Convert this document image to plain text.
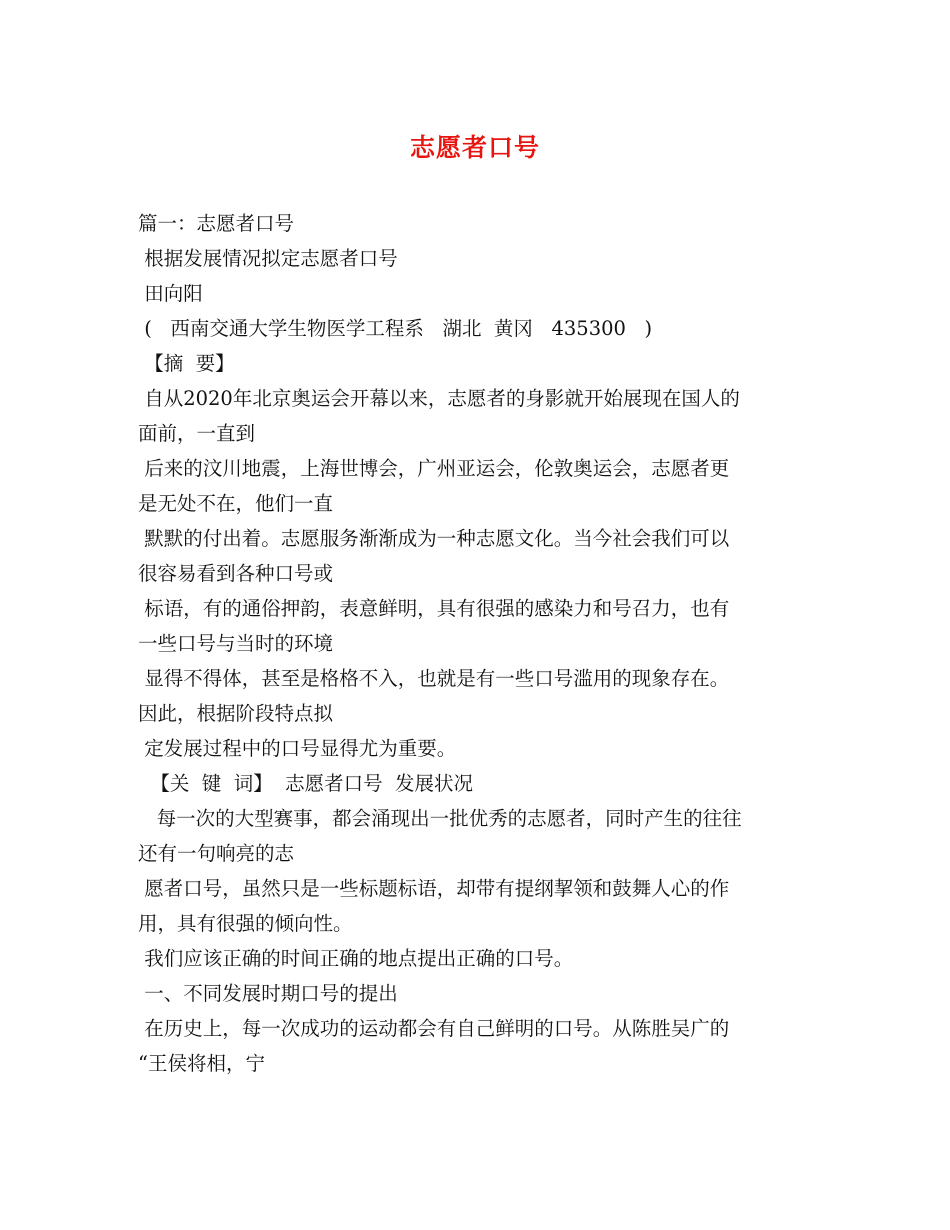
志愿者口号
篇一：志愿者口号
根据发展情况拟定志愿者口号
田向阳
(   西南交通大学生物医学工程系   湖北  黄冈   435300   )
【摘  要】
自从2020年北京奥运会开幕以来，志愿者的身影就开始展现在国人的
面前，一直到
后来的汶川地震，上海世博会，广州亚运会，伦敦奥运会，志愿者更
是无处不在，他们一直
默默的付出着。志愿服务渐渐成为一种志愿文化。当今社会我们可以
很容易看到各种口号或
标语，有的通俗押韵，表意鲜明，具有很强的感染力和号召力，也有
一些口号与当时的环境
显得不得体，甚至是格格不入，也就是有一些口号滥用的现象存在。
因此，根据阶段特点拟
定发展过程中的口号显得尤为重要。
【关  键  词】  志愿者口号  发展状况
每一次的大型赛事，都会涌现出一批优秀的志愿者，同时产生的往往
还有一句响亮的志
愿者口号，虽然只是一些标题标语，却带有提纲挈领和鼓舞人心的作
用，具有很强的倾向性。
我们应该正确的时间正确的地点提出正确的口号。
一、不同发展时期口号的提出
在历史上，每一次成功的运动都会有自己鲜明的口号。从陈胜吴广的
“王侯将相，宁
